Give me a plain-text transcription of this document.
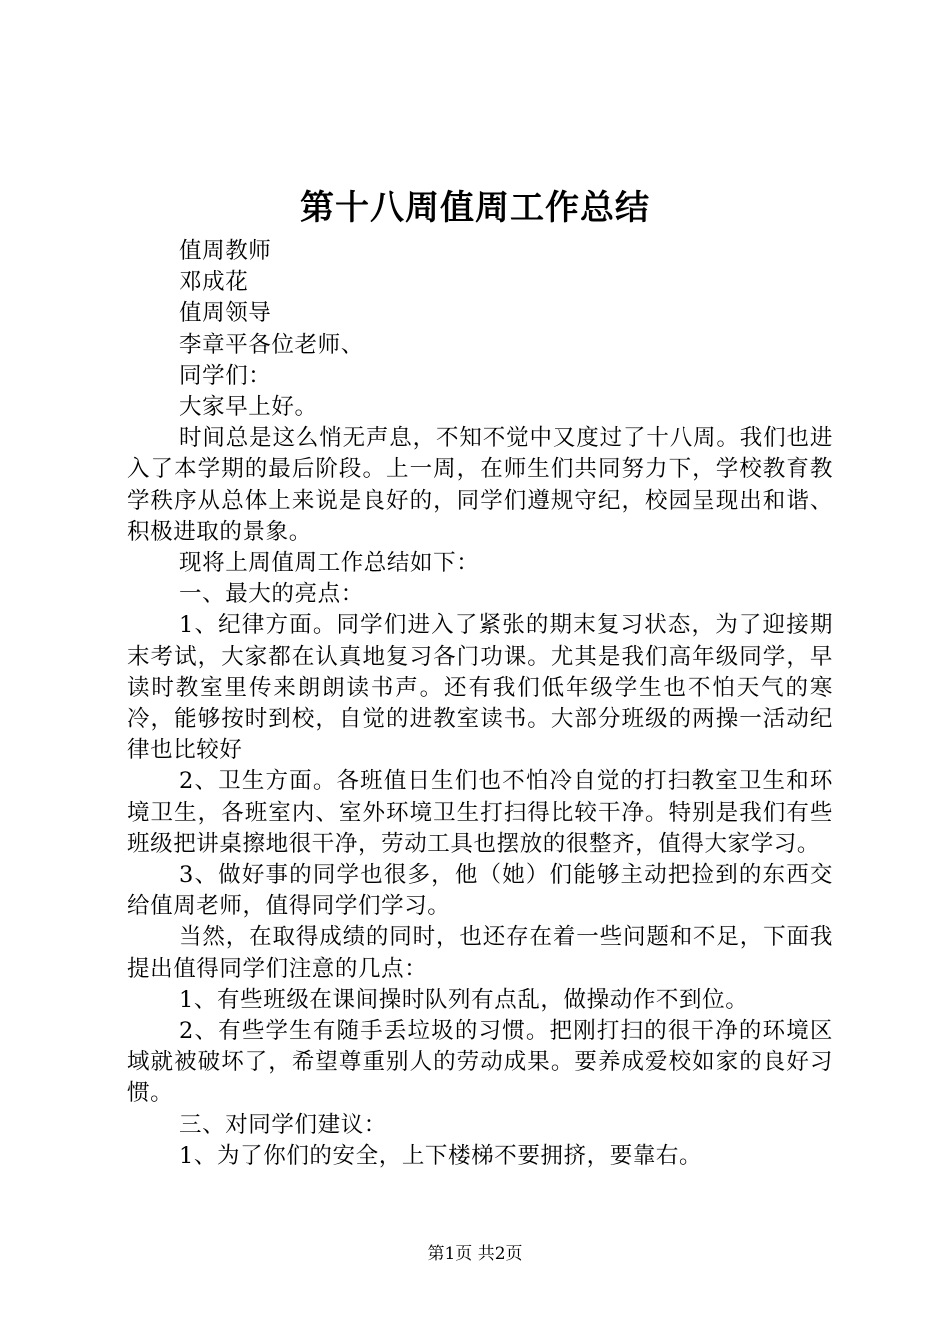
第十八周值周工作总结

值周教师

邓成花

值周领导

李章平各位老师、

同学们：

大家早上好。

时间总是这么悄无声息，不知不觉中又度过了十八周。我们也进入了本学期的最后阶段。上一周，在师生们共同努力下，学校教育教学秩序从总体上来说是良好的，同学们遵规守纪，校园呈现出和谐、积极进取的景象。

现将上周值周工作总结如下：

一、最大的亮点：

1、纪律方面。同学们进入了紧张的期末复习状态，为了迎接期末考试，大家都在认真地复习各门功课。尤其是我们高年级同学，早读时教室里传来朗朗读书声。还有我们低年级学生也不怕天气的寒冷，能够按时到校，自觉的进教室读书。大部分班级的两操一活动纪律也比较好

2、卫生方面。各班值日生们也不怕冷自觉的打扫教室卫生和环境卫生，各班室内、室外环境卫生打扫得比较干净。特别是我们有些班级把讲桌擦地很干净，劳动工具也摆放的很整齐，值得大家学习。

3、做好事的同学也很多，他（她）们能够主动把捡到的东西交给值周老师，值得同学们学习。

当然，在取得成绩的同时，也还存在着一些问题和不足，下面我提出值得同学们注意的几点：

1、有些班级在课间操时队列有点乱，做操动作不到位。

2、有些学生有随手丢垃圾的习惯。把刚打扫的很干净的环境区域就被破坏了，希望尊重别人的劳动成果。要养成爱校如家的良好习惯。

三、对同学们建议：

1、为了你们的安全，上下楼梯不要拥挤，要靠右。

第1页 共2页
